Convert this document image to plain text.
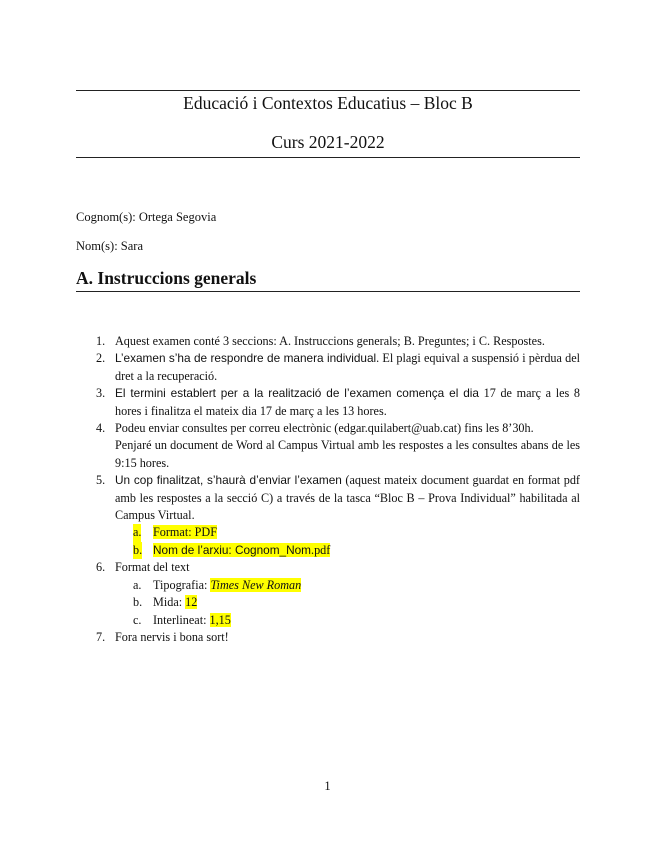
Educació i Contextos Educatius – Bloc B
Curs 2021-2022
Cognom(s): Ortega Segovia
Nom(s): Sara
A. Instruccions generals
1. Aquest examen conté 3 seccions: A. Instruccions generals; B. Preguntes; i C. Respostes.
2. L’examen s’ha de respondre de manera individual. El plagi equival a suspensió i pèrdua del dret a la recuperació.
3. El termini establert per a la realització de l’examen comença el dia 17 de març a les 8 hores i finalitza el mateix dia 17 de març a les 13 hores.
4. Podeu enviar consultes per correu electrònic (edgar.quilabert@uab.cat) fins les 8’30h.
Penjaré un document de Word al Campus Virtual amb les respostes a les consultes abans de les 9:15 hores.
5. Un cop finalitzat, s’haurà d’enviar l’examen (aquest mateix document guardat en format pdf amb les respostes a la secció C) a través de la tasca “Bloc B – Prova Individual” habilitada al Campus Virtual.
a. Format: PDF
b. Nom de l’arxiu: Cognom_Nom.pdf
6. Format del text
a. Tipografia: Times New Roman
b. Mida: 12
c. Interlineat: 1,15
7. Fora nervis i bona sort!
1
